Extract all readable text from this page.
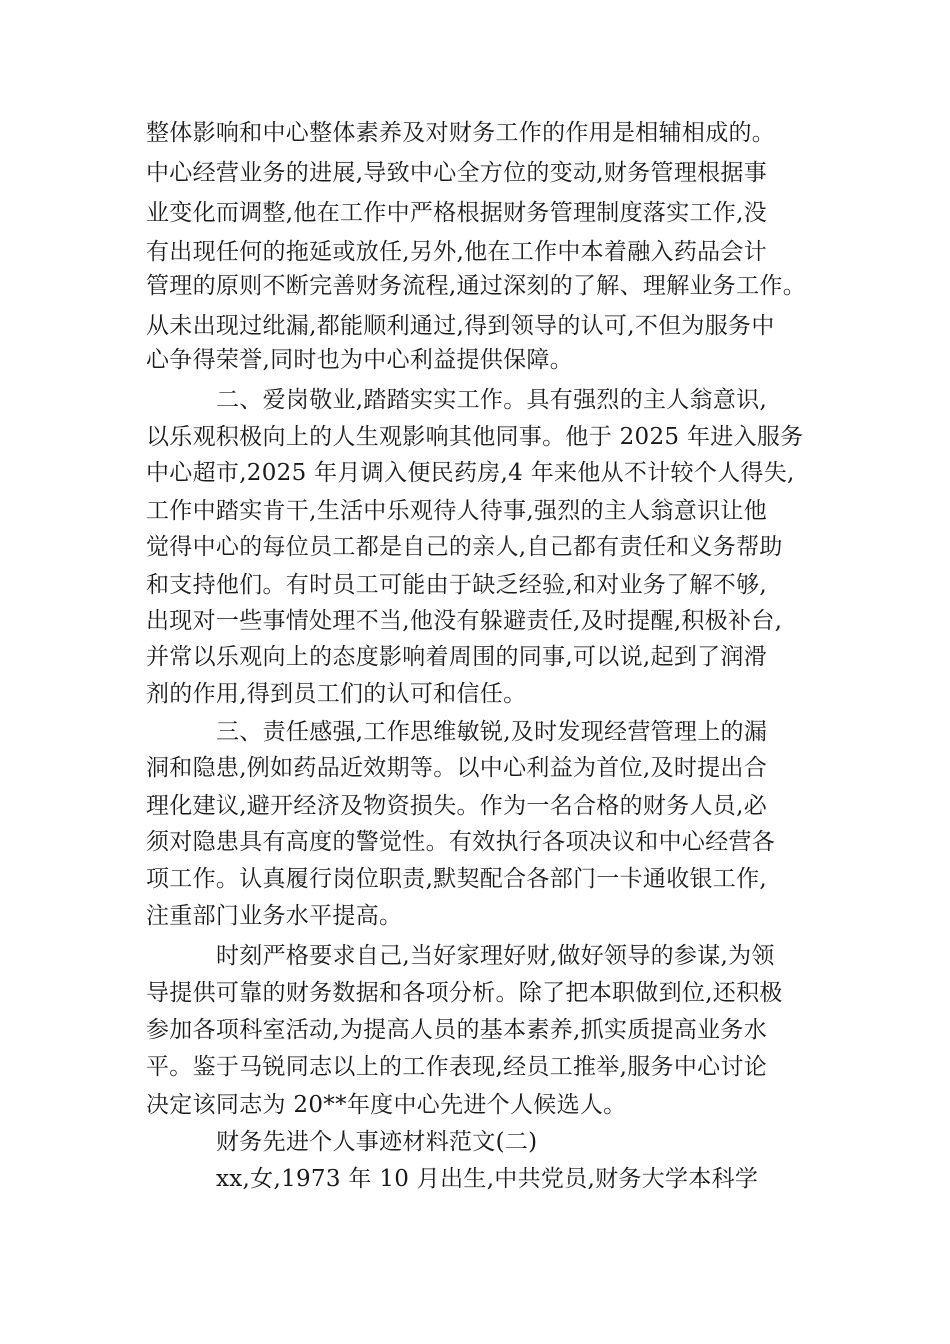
整体影响和中心整体素养及对财务工作的作用是相辅相成的。
中心经营业务的进展,导致中心全方位的变动,财务管理根据事
业变化而调整,他在工作中严格根据财务管理制度落实工作,没
有出现任何的拖延或放任,另外,他在工作中本着融入药品会计
管理的原则不断完善财务流程,通过深刻的了解、理解业务工作。
从未出现过纰漏,都能顺利通过,得到领导的认可,不但为服务中
心争得荣誉,同时也为中心利益提供保障。
二、爱岗敬业,踏踏实实工作。具有强烈的主人翁意识,
以乐观积极向上的人生观影响其他同事。他于 2025 年进入服务
中心超市,2025 年月调入便民药房,4 年来他从不计较个人得失,
工作中踏实肯干,生活中乐观待人待事,强烈的主人翁意识让他
觉得中心的每位员工都是自己的亲人,自己都有责任和义务帮助
和支持他们。有时员工可能由于缺乏经验,和对业务了解不够,
出现对一些事情处理不当,他没有躲避责任,及时提醒,积极补台,
并常以乐观向上的态度影响着周围的同事,可以说,起到了润滑
剂的作用,得到员工们的认可和信任。
三、责任感强,工作思维敏锐,及时发现经营管理上的漏
洞和隐患,例如药品近效期等。以中心利益为首位,及时提出合
理化建议,避开经济及物资损失。作为一名合格的财务人员,必
须对隐患具有高度的警觉性。有效执行各项决议和中心经营各
项工作。认真履行岗位职责,默契配合各部门一卡通收银工作,
注重部门业务水平提高。
时刻严格要求自己,当好家理好财,做好领导的参谋,为领
导提供可靠的财务数据和各项分析。除了把本职做到位,还积极
参加各项科室活动,为提高人员的基本素养,抓实质提高业务水
平。鉴于马锐同志以上的工作表现,经员工推举,服务中心讨论
决定该同志为 20**年度中心先进个人候选人。
财务先进个人事迹材料范文(二)
xx,女,1973 年 10 月出生,中共党员,财务大学本科学
